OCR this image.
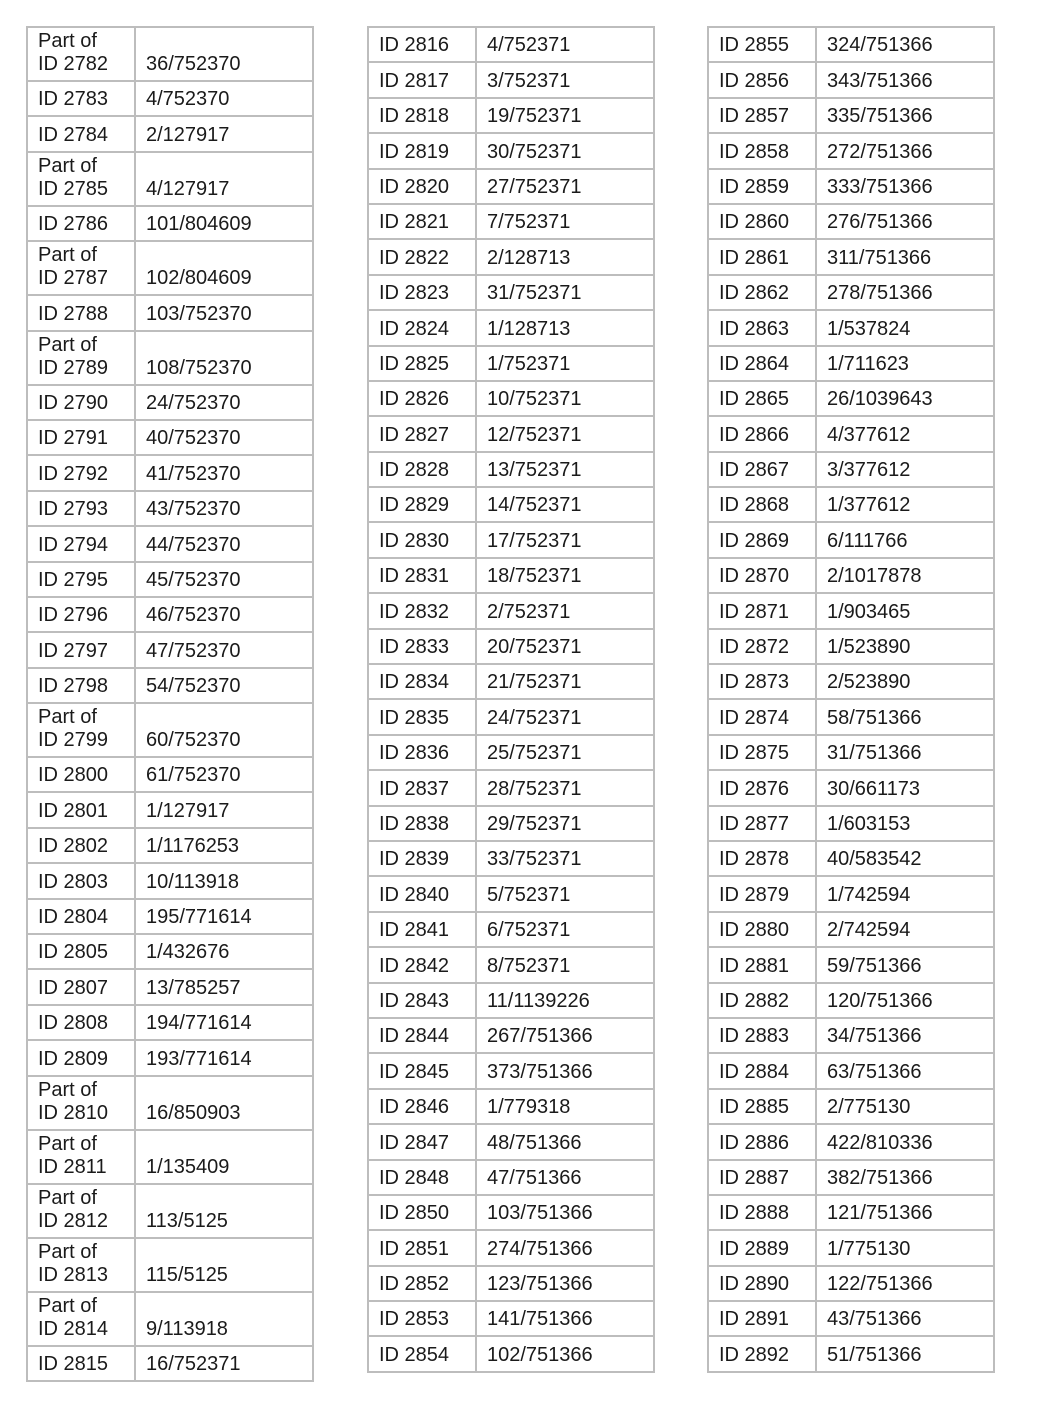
Part of
ID 2782	36/752370
ID 2783	4/752370
ID 2784	2/127917

Part of
ID 2785	4/127917
ID 2786	101/804609

Part of
ID 2787	102/804609
ID 2788	103/752370

Part of
ID 2789	108/752370
ID 2790	24/752370
ID 2791	40/752370
ID 2792	41/752370
ID 2793	43/752370
ID 2794	44/752370
ID 2795	45/752370
ID 2796	46/752370
ID 2797	47/752370
ID 2798	54/752370

Part of
ID 2799	60/752370
ID 2800	61/752370
ID 2801	1/127917
ID 2802	1/1176253
ID 2803	10/113918
ID 2804	195/771614
ID 2805	1/432676
ID 2807	13/785257
ID 2808	194/771614
ID 2809	193/771614

Part of
ID 2810	16/850903

Part of
ID 2811	1/135409

Part of
ID 2812	113/5125

Part of
ID 2813	115/5125

Part of
ID 2814	9/113918
ID 2815	16/752371
ID 2816	4/752371
ID 2817	3/752371
ID 2818	19/752371
ID 2819	30/752371
ID 2820	27/752371
ID 2821	7/752371
ID 2822	2/128713
ID 2823	31/752371
ID 2824	1/128713
ID 2825	1/752371
ID 2826	10/752371
ID 2827	12/752371
ID 2828	13/752371
ID 2829	14/752371
ID 2830	17/752371
ID 2831	18/752371
ID 2832	2/752371
ID 2833	20/752371
ID 2834	21/752371
ID 2835	24/752371
ID 2836	25/752371
ID 2837	28/752371
ID 2838	29/752371
ID 2839	33/752371
ID 2840	5/752371
ID 2841	6/752371
ID 2842	8/752371
ID 2843	11/1139226
ID 2844	267/751366
ID 2845	373/751366
ID 2846	1/779318
ID 2847	48/751366
ID 2848	47/751366
ID 2850	103/751366
ID 2851	274/751366
ID 2852	123/751366
ID 2853	141/751366
ID 2854	102/751366
ID 2855	324/751366
ID 2856	343/751366
ID 2857	335/751366
ID 2858	272/751366
ID 2859	333/751366
ID 2860	276/751366
ID 2861	311/751366
ID 2862	278/751366
ID 2863	1/537824
ID 2864	1/711623
ID 2865	26/1039643
ID 2866	4/377612
ID 2867	3/377612
ID 2868	1/377612
ID 2869	6/111766
ID 2870	2/1017878
ID 2871	1/903465
ID 2872	1/523890
ID 2873	2/523890
ID 2874	58/751366
ID 2875	31/751366
ID 2876	30/661173
ID 2877	1/603153
ID 2878	40/583542
ID 2879	1/742594
ID 2880	2/742594
ID 2881	59/751366
ID 2882	120/751366
ID 2883	34/751366
ID 2884	63/751366
ID 2885	2/775130
ID 2886	422/810336
ID 2887	382/751366
ID 2888	121/751366
ID 2889	1/775130
ID 2890	122/751366
ID 2891	43/751366
ID 2892	51/751366
